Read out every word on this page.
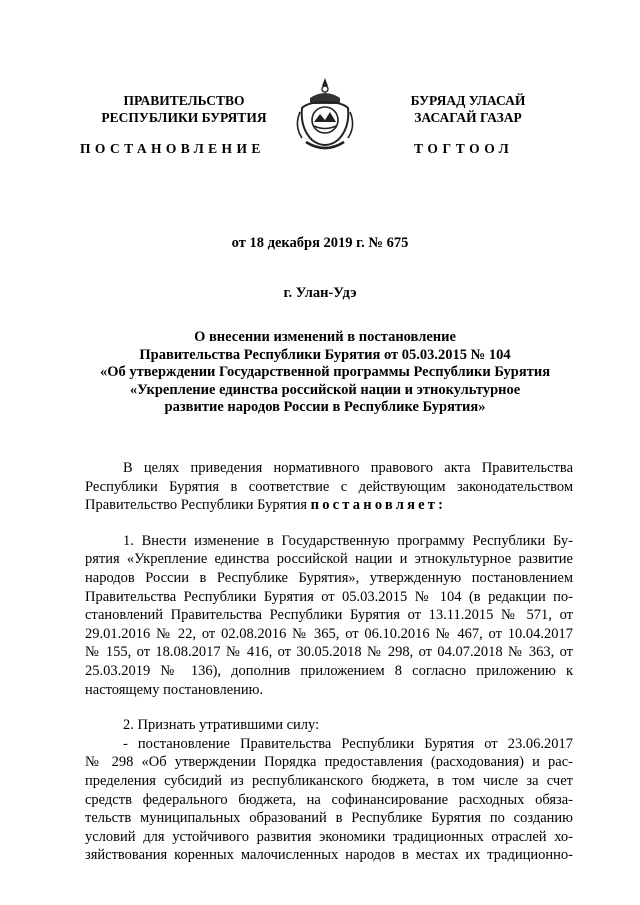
ПРАВИТЕЛЬСТВО
РЕСПУБЛИКИ БУРЯТИЯ
ПОСТАНОВЛЕНИЕ
БУРЯАД УЛАСАЙ
ЗАСАГАЙ ГАЗАР
ТОГТООЛ
от 18 декабря 2019 г. № 675
г. Улан-Удэ
О внесении изменений в постановление
Правительства Республики Бурятия от 05.03.2015 № 104
«Об утверждении Государственной программы Республики Бурятия
«Укрепление единства российской нации и этнокультурное
развитие народов России в Республике Бурятия»
В целях приведения нормативного правового акта Правительства
Республики Бурятия в соответствие с действующим законодательством
Правительство Республики Бурятия постановляет:
1. Внести изменение в Государственную программу Республики Бу-
рятия «Укрепление единства российской нации и этнокультурное развитие
народов России в Республике Бурятия», утвержденную постановлением
Правительства Республики Бурятия от 05.03.2015 № 104 (в редакции по-
становлений Правительства Республики Бурятия от 13.11.2015 № 571, от
29.01.2016 № 22, от 02.08.2016 № 365, от 06.10.2016 № 467, от 10.04.2017
№ 155, от 18.08.2017 № 416, от 30.05.2018 № 298, от 04.07.2018 № 363, от
25.03.2019 № 136), дополнив приложением 8 согласно приложению к
настоящему постановлению.
2. Признать утратившими силу:
- постановление Правительства Республики Бурятия от 23.06.2017
№ 298 «Об утверждении Порядка предоставления (расходования) и рас-
пределения субсидий из республиканского бюджета, в том числе за счет
средств федерального бюджета, на софинансирование расходных обяза-
тельств муниципальных образований в Республике Бурятия по созданию
условий для устойчивого развития экономики традиционных отраслей хо-
зяйствования коренных малочисленных народов в местах их традиционно-
